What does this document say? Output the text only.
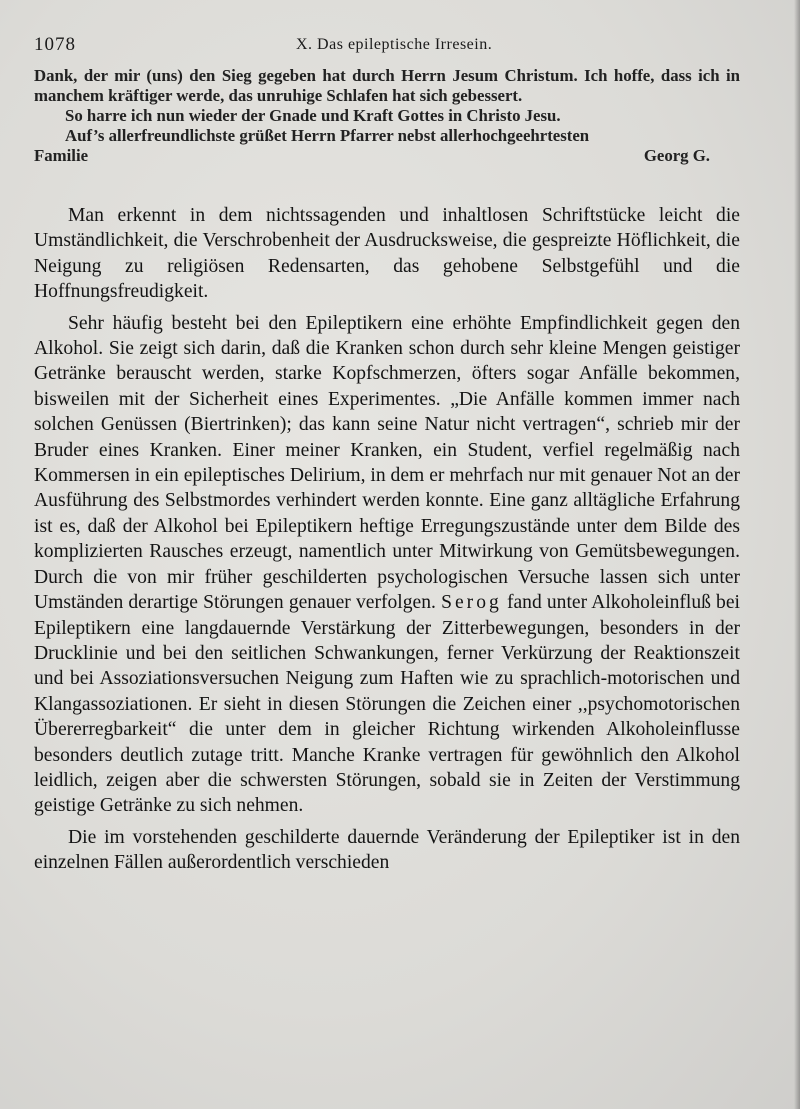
1078	X. Das epileptische Irresein.

Dank, der mir (uns) den Sieg gegeben hat durch Herrn Jesum Christum. Ich hoffe, dass ich in manchem kräftiger werde, das unruhige Schlafen hat sich gebessert.

So harre ich nun wieder der Gnade und Kraft Gottes in Christo Jesu.

Auf’s allerfreundlichste grüßet Herrn Pfarrer nebst allerhochgeehrtesten

Familie	Georg G.

Man erkennt in dem nichtssagenden und inhaltlosen Schriftstücke leicht die Umständlichkeit, die Verschrobenheit der Ausdrucksweise, die gespreizte Höflichkeit, die Neigung zu religiösen Redensarten, das gehobene Selbstgefühl und die Hoffnungsfreudigkeit.

Sehr häufig besteht bei den Epileptikern eine erhöhte Empfindlichkeit gegen den Alkohol. Sie zeigt sich darin, daß die Kranken schon durch sehr kleine Mengen geistiger Getränke berauscht werden, starke Kopfschmerzen, öfters sogar Anfälle bekommen, bisweilen mit der Sicherheit eines Experimentes. „Die Anfälle kommen immer nach solchen Genüssen (Biertrinken); das kann seine Natur nicht vertragen“, schrieb mir der Bruder eines Kranken. Einer meiner Kranken, ein Student, verfiel regelmäßig nach Kommersen in ein epileptisches Delirium, in dem er mehrfach nur mit genauer Not an der Ausführung des Selbstmordes verhindert werden konnte. Eine ganz alltägliche Erfahrung ist es, daß der Alkohol bei Epileptikern heftige Erregungszustände unter dem Bilde des komplizierten Rausches erzeugt, namentlich unter Mitwirkung von Gemütsbewegungen. Durch die von mir früher geschilderten psychologischen Versuche lassen sich unter Umständen derartige Störungen genauer verfolgen. Serog fand unter Alkoholeinfluß bei Epileptikern eine langdauernde Verstärkung der Zitterbewegungen, besonders in der Drucklinie und bei den seitlichen Schwankungen, ferner Verkürzung der Reaktionszeit und bei Assoziationsversuchen Neigung zum Haften wie zu sprachlich-motorischen und Klangassoziationen. Er sieht in diesen Störungen die Zeichen einer ,,psychomotorischen Übererregbarkeit“ die unter dem in gleicher Richtung wirkenden Alkoholeinflusse besonders deutlich zutage tritt. Manche Kranke vertragen für gewöhnlich den Alkohol leidlich, zeigen aber die schwersten Störungen, sobald sie in Zeiten der Verstimmung geistige Getränke zu sich nehmen.

Die im vorstehenden geschilderte dauernde Veränderung der Epileptiker ist in den einzelnen Fällen außerordentlich verschieden
